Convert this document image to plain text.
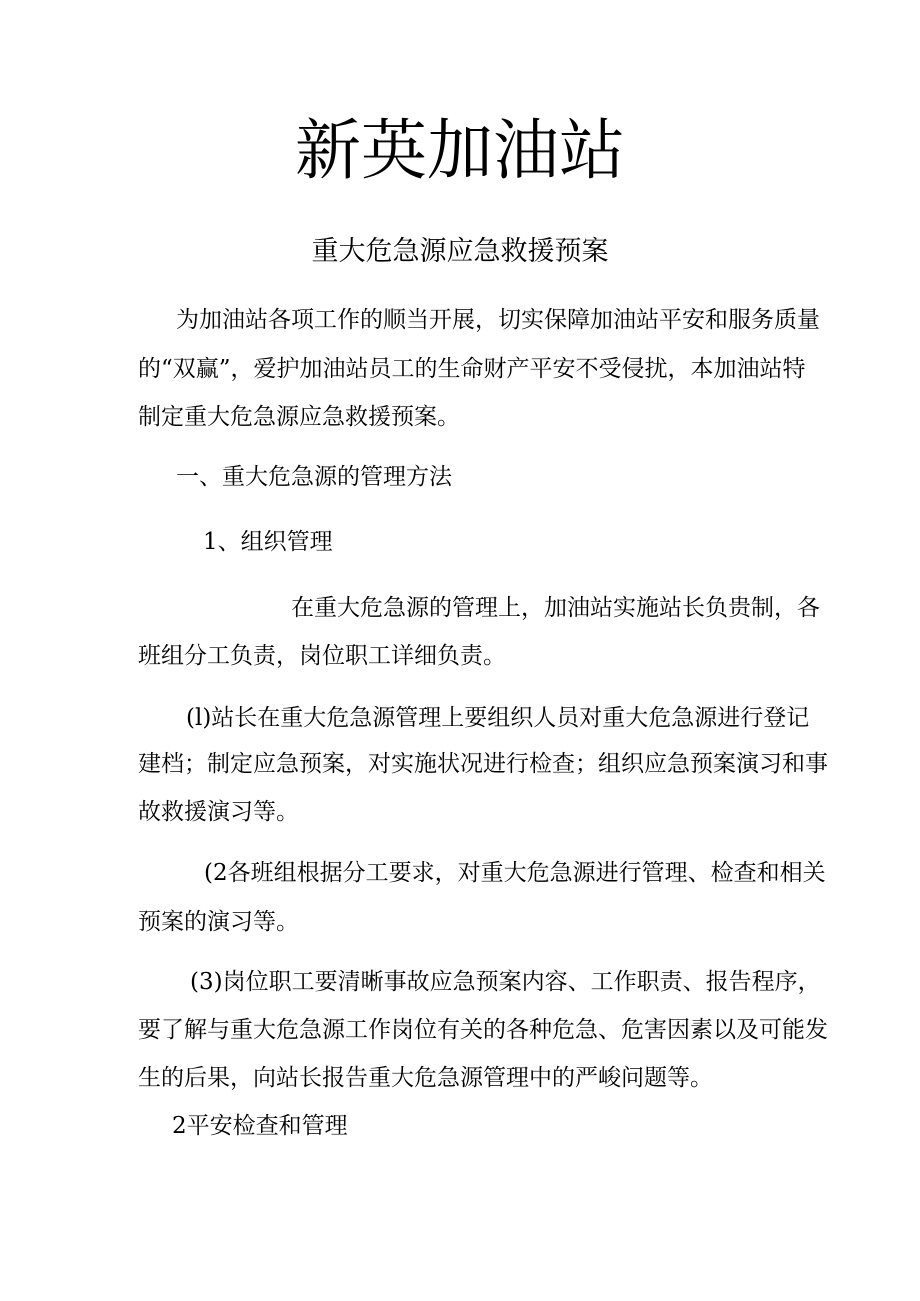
新英加油站
重大危急源应急救援预案
为加油站各项工作的顺当开展，切实保障加油站平安和服务质量
的“双赢”，爱护加油站员工的生命财产平安不受侵扰，本加油站特
制定重大危急源应急救援预案。
一、重大危急源的管理方法
1、组织管理
在重大危急源的管理上，加油站实施站长负贵制，各
班组分工负责，岗位职工详细负责。
(l)站长在重大危急源管理上要组织人员对重大危急源进行登记
建档；制定应急预案，对实施状况进行检查；组织应急预案演习和事
故救援演习等。
(2各班组根据分工要求，对重大危急源进行管理、检查和相关
预案的演习等。
(3)岗位职工要清晰事故应急预案内容、工作职责、报告程序，
要了解与重大危急源工作岗位有关的各种危急、危害因素以及可能发
生的后果，向站长报告重大危急源管理中的严峻问题等。
2平安检查和管理
